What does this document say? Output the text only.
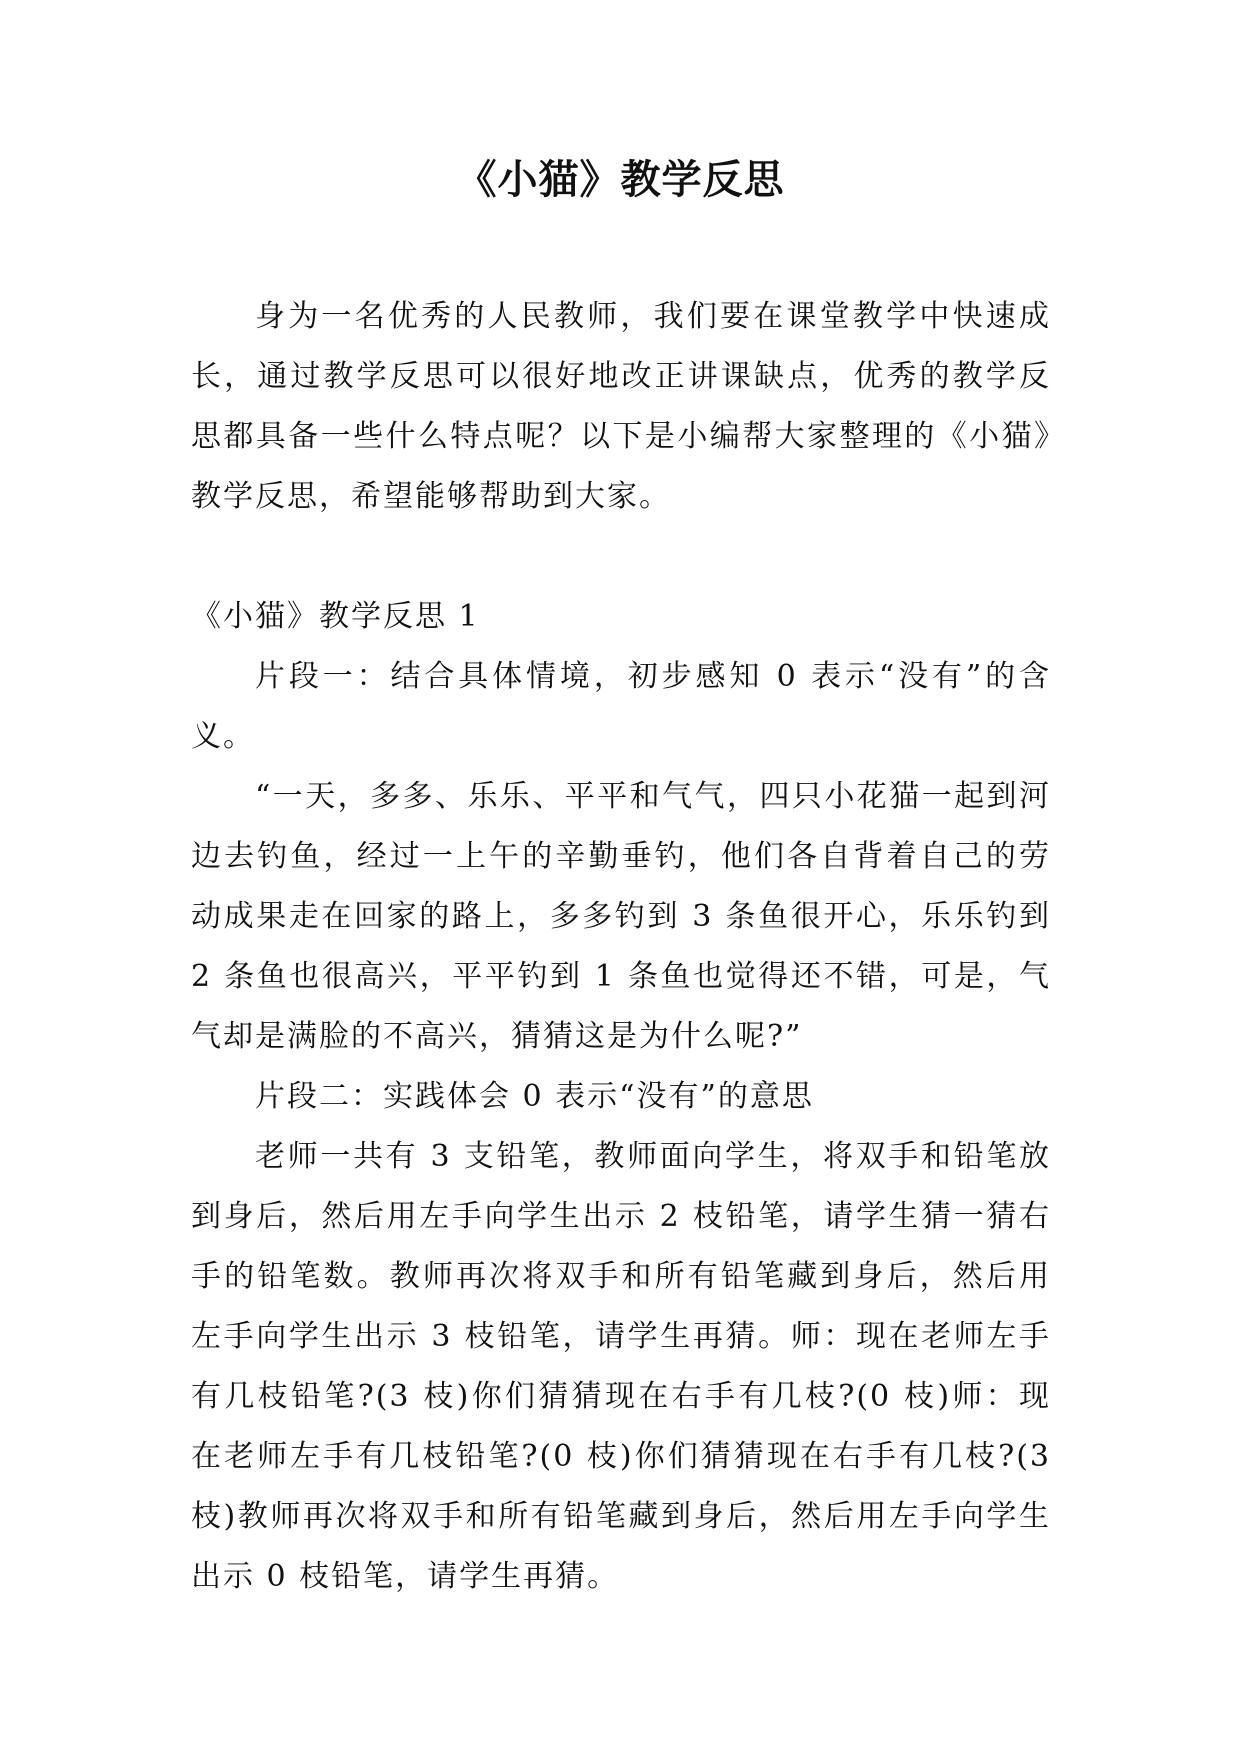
《小猫》教学反思

身为一名优秀的人民教师，我们要在课堂教学中快速成长，通过教学反思可以很好地改正讲课缺点，优秀的教学反思都具备一些什么特点呢？以下是小编帮大家整理的《小猫》教学反思，希望能够帮助到大家。

《小猫》教学反思 1

片段一：结合具体情境，初步感知 0 表示“没有”的含义。

“一天，多多、乐乐、平平和气气，四只小花猫一起到河边去钓鱼，经过一上午的辛勤垂钓，他们各自背着自己的劳动成果走在回家的路上，多多钓到 3 条鱼很开心，乐乐钓到 2 条鱼也很高兴，平平钓到 1 条鱼也觉得还不错，可是，气气却是满脸的不高兴，猜猜这是为什么呢?”

片段二：实践体会 0 表示“没有”的意思

老师一共有 3 支铅笔，教师面向学生，将双手和铅笔放到身后，然后用左手向学生出示 2 枝铅笔，请学生猜一猜右手的铅笔数。教师再次将双手和所有铅笔藏到身后，然后用左手向学生出示 3 枝铅笔，请学生再猜。师：现在老师左手有几枝铅笔?(3 枝)你们猜猜现在右手有几枝?(0 枝)师：现在老师左手有几枝铅笔?(0 枝)你们猜猜现在右手有几枝?(3 枝)教师再次将双手和所有铅笔藏到身后，然后用左手向学生出示 0 枝铅笔，请学生再猜。
